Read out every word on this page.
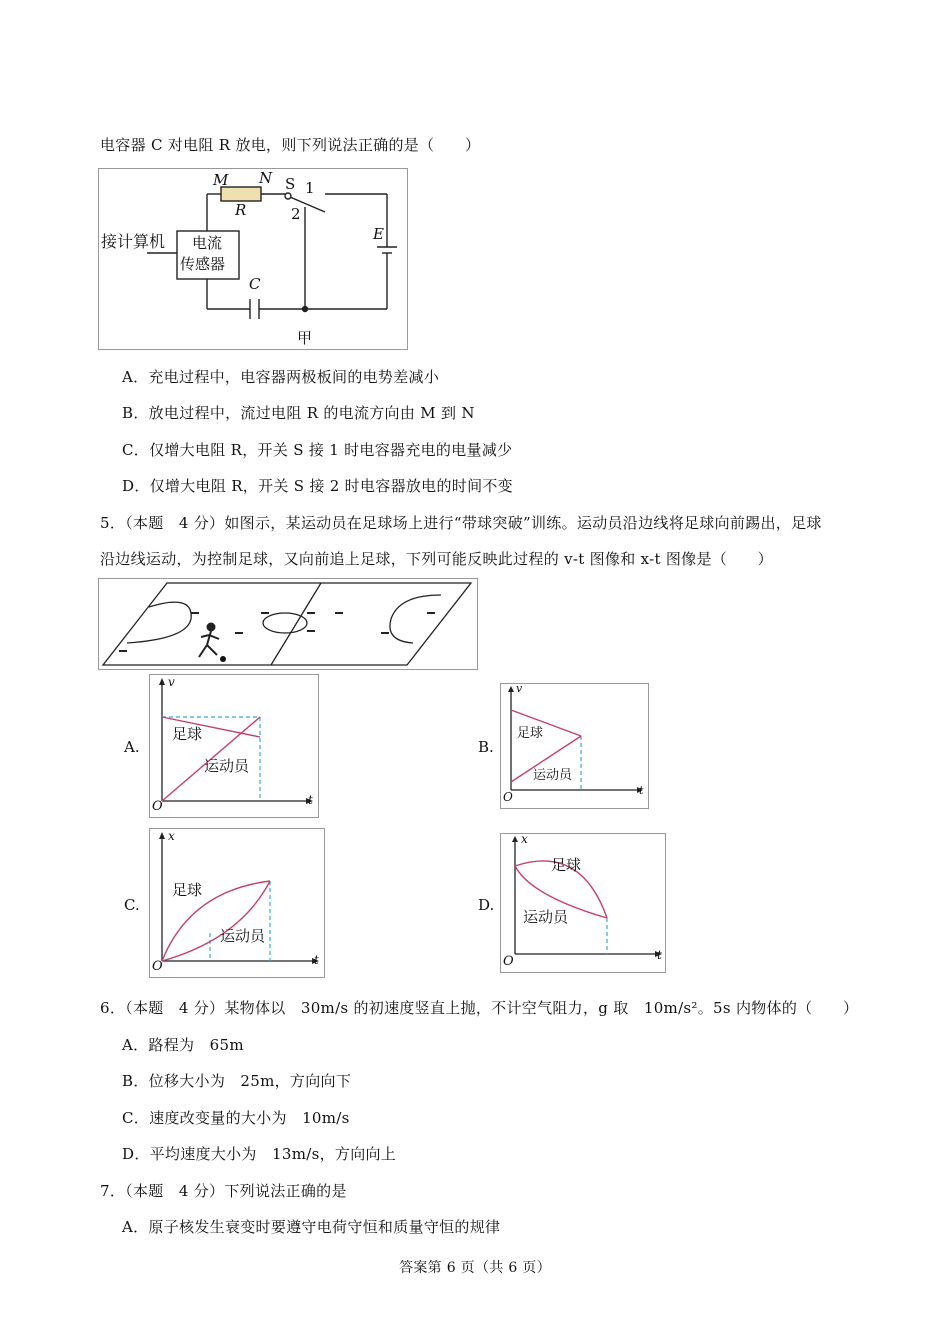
电容器 C 对电阻 R 放电，则下列说法正确的是（　　）
M N
R
S 1
2
E
C
接计算机 电流
传感器
甲
A．充电过程中，电容器两极板间的电势差减小
B．放电过程中，流过电阻 R 的电流方向由 M 到 N
C．仅增大电阻 R，开关 S 接 1 时电容器充电的电量减少
D．仅增大电阻 R，开关 S 接 2 时电容器放电的时间不变
5．（本题　4 分）如图示，某运动员在足球场上进行“带球突破”训练。运动员沿边线将足球向前踢出，足球
沿边线运动，为控制足球，又向前追上足球，下列可能反映此过程的 v-t 图像和 x-t 图像是（　　）
A.
v
t
O
足球
运动员
B.
v
t
O
足球
运动员
C.
x
t
O
足球
运动员
D.
x
t
O
足球
运动员
6．（本题　4 分）某物体以　30m/s 的初速度竖直上抛，不计空气阻力，g 取　10m/s²。5s 内物体的（　　）
A．路程为　65m
B．位移大小为　25m，方向向下
C．速度改变量的大小为　10m/s
D．平均速度大小为　13m/s，方向向上
7．（本题　4 分）下列说法正确的是
A．原子核发生衰变时要遵守电荷守恒和质量守恒的规律
答案第 6 页（共 6 页）
